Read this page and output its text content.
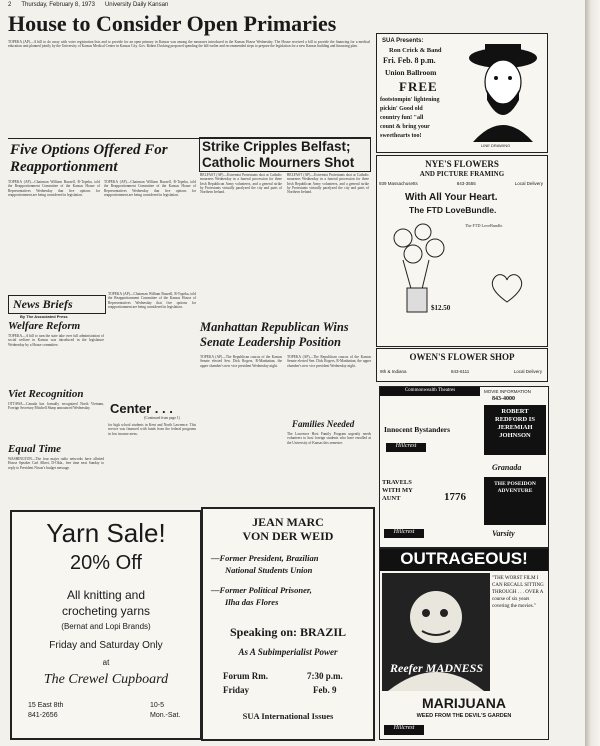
2 Thursday, February 8, 1973 University Daily Kansan
House to Consider Open Primaries
TOPEKA (AP)—A bill to do away with voter registration lists and to provide for an open primary in Kansas was among the measures introduced in the Kansas House Wednesday. The House received a bill to provide the financing for a medical education unit planned jointly by the University of Kansas Medical Center in Kansas City. Gov. Robert Docking proposed spending the bill earlier and recommended steps to prepare the legislation for a new Kansas building and financing plan.
SUA Presents:
Ron Crick & Band
Fri. Feb. 8 p.m.
Union Ballroom
FREE
footstompin' lightening
pickin' Good old
country fun! "all
count & bring your
sweethearts too!
LINE DRAWING
Five Options Offered For Reapportionment
TOPEKA (AP)—Chairman William Buzzell, R-Topeka, told the Reapportionment Committee of the Kansas House of Representatives Wednesday that five options for reapportionment are being considered in legislation.
TOPEKA (AP)—Chairman William Buzzell, R-Topeka, told the Reapportionment Committee of the Kansas House of Representatives Wednesday that five options for reapportionment are being considered in legislation.
Strike Cripples Belfast; Catholic Mourners Shot
BELFAST (AP)—Extremist Protestants shot at Catholic mourners Wednesday in a funeral procession for three Irish Republican Army volunteers, and a general strike by Protestants virtually paralyzed the city and parts of Northern Ireland.
BELFAST (AP)—Extremist Protestants shot at Catholic mourners Wednesday in a funeral procession for three Irish Republican Army volunteers, and a general strike by Protestants virtually paralyzed the city and parts of Northern Ireland.
NYE'S FLOWERS
AND PICTURE FRAMING
939 Massachusetts	843-3555	Local Delivery
With All Your Heart.
The FTD LoveBundle.
The FTD LoveBundle.
$12.50
OWEN'S FLOWER SHOP
9th & Indiana	843-6111	Local Delivery
News Briefs
By The Associated Press
Welfare Reform
TOPEKA—A bill to turn the state take over full administration of social welfare in Kansas was introduced in the legislature Wednesday by a House committee.
Viet Recognition
OTTAWA—Canada has formally recognized North Vietnam, Foreign Secretary Mitchell Sharp announced Wednesday.
Equal Time
WASHINGTON—The four major radio networks have allotted House Speaker Carl Albert, D-Okla., free time next Sunday to reply to President Nixon's budget message.
TOPEKA (AP)—Chairman William Buzzell, R-Topeka, told the Reapportionment Committee of the Kansas House of Representatives Wednesday that five options for reapportionment are being considered in legislation.
Center . . .
(Continued from page 1)
for high school students in Kent and North Lawrence. This service was financed with funds from the federal programs in low income areas.
Manhattan Republican Wins Senate Leadership Position
TOPEKA (AP)—The Republican caucus of the Kansas Senate elected Sen. Dick Rogers, R-Manhattan, the upper chamber's new vice president Wednesday night.
TOPEKA (AP)—The Republican caucus of the Kansas Senate elected Sen. Dick Rogers, R-Manhattan, the upper chamber's new vice president Wednesday night.
Families Needed
The Lawrence Host Family Program urgently needs volunteers to host foreign students who have enrolled at the University of Kansas this semester.
Yarn Sale!
20% Off
All knitting and
crocheting yarns
(Bernat and Lopi Brands)
Friday and Saturday Only
at
The Crewel Cupboard
15 East 8th
841-2656
10-5
Mon.-Sat.
JEAN MARC
VON DER WEID
—Former President, Brazilian
National Students Union
—Former Political Prisoner,
Ilha das Flores
Speaking on: BRAZIL
As A Subimperialist Power
Forum Rm.	7:30 p.m.
Friday	Feb. 9
SUA International Issues
Commonwealth Theatres
Innocent Bystanders
Hillcrest
MOVIE INFORMATION
843-4000
ROBERT REDFORD IS JEREMIAH JOHNSON
Granada
TRAVELS WITH MY AUNT	1776
THE POSEIDON ADVENTURE
Hillcrest	Varsity
OUTRAGEOUS!
Reefer MADNESS
"THE WORST FILM I CAN RECALL SITTING THROUGH . . . OVER A course of six years covering the movies."
MARIJUANA
WEED FROM THE DEVIL'S GARDEN
Hillcrest
